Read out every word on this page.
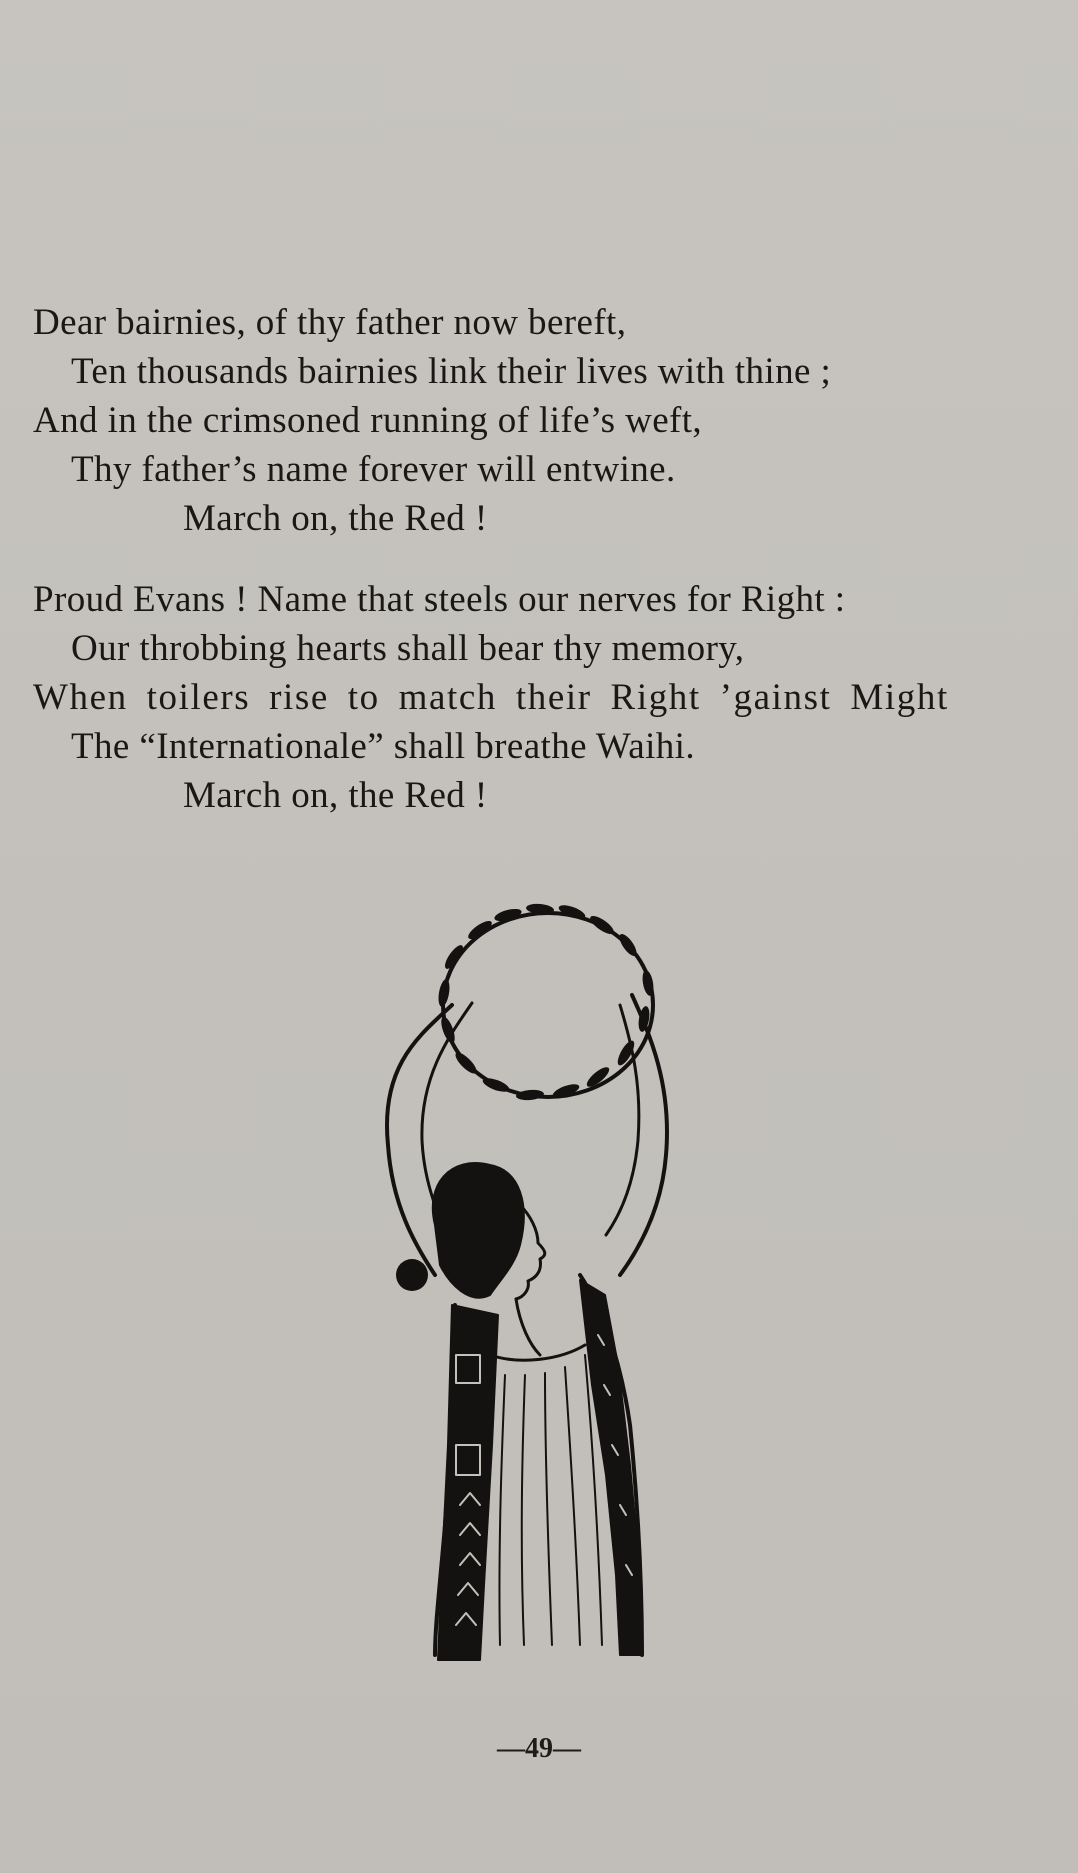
Dear bairnies, of thy father now bereft,
Ten thousands bairnies link their lives with thine ;
And in the crimsoned running of life’s weft,
Thy father’s name forever will entwine.
March on, the Red !
Proud Evans ! Name that steels our nerves for Right :
Our throbbing hearts shall bear thy memory,
When toilers rise to match their Right ’gainst Might
The “Internationale” shall breathe Waihi.
March on, the Red !
—49—
